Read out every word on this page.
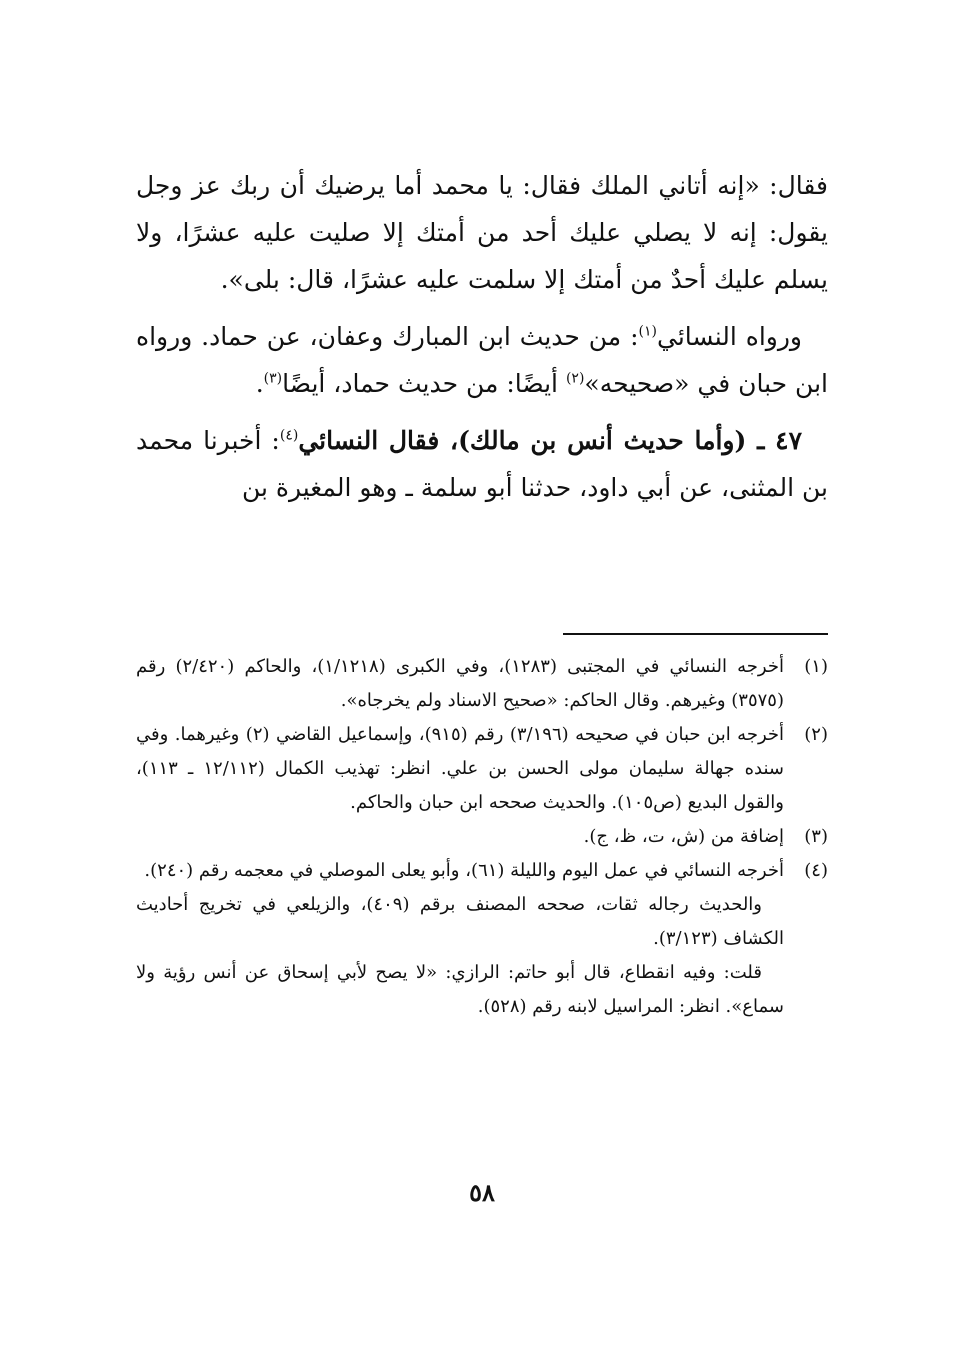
فقال: «إنه أتاني الملك فقال: يا محمد أما يرضيك أن ربك عز وجل يقول: إنه لا يصلي عليك أحد من أمتك إلا صليت عليه عشرًا، ولا يسلم عليك أحدٌ من أمتك إلا سلمت عليه عشرًا، قال: بلى».

ورواه النسائي$^{(١)}$: من حديث ابن المبارك وعفان، عن حماد. ورواه ابن حبان في «صحيحه»$^{(٢)}$ أيضًا: من حديث حماد، أيضًا$^{(٣)}$.

٤٧ ـ (وأما حديث أنس بن مالك)، فقال النسائي$^{(٤)}$: أخبرنا محمد بن المثنى، عن أبي داود، حدثنا أبو سلمة ـ وهو المغيرة بن

(١)
أخرجه النسائي في المجتبى (١٢٨٣)، وفي الكبرى (١/١٢١٨)، والحاكم (٢/٤٢٠) رقم (٣٥٧٥) وغيرهم. وقال الحاكم: «صحيح الاسناد ولم يخرجاه».
(٢)
أخرجه ابن حبان في صحيحه (٣/١٩٦) رقم (٩١٥)، وإسماعيل القاضي (٢) وغيرهما. وفي سنده جهالة سليمان مولى الحسن بن علي. انظر: تهذيب الكمال (١٢/١١٢ ـ ١١٣)، والقول البديع (ص١٠٥). والحديث صححه ابن حبان والحاكم.
(٣)
إضافة من (ش، ت، ظ، ج).
(٤)
أخرجه النسائي في عمل اليوم والليلة (٦١)، وأبو يعلى الموصلي في معجمه رقم (٢٤٠).
والحديث رجاله ثقات، صححه المصنف برقم (٤٠٩)، والزيلعي في تخريج أحاديث الكشاف (٣/١٢٣).
قلت: وفيه انقطاع، قال أبو حاتم: الرازي: «لا يصح لأبي إسحاق عن أنس رؤية ولا سماع». انظر: المراسيل لابنه رقم (٥٢٨).
٥٨
